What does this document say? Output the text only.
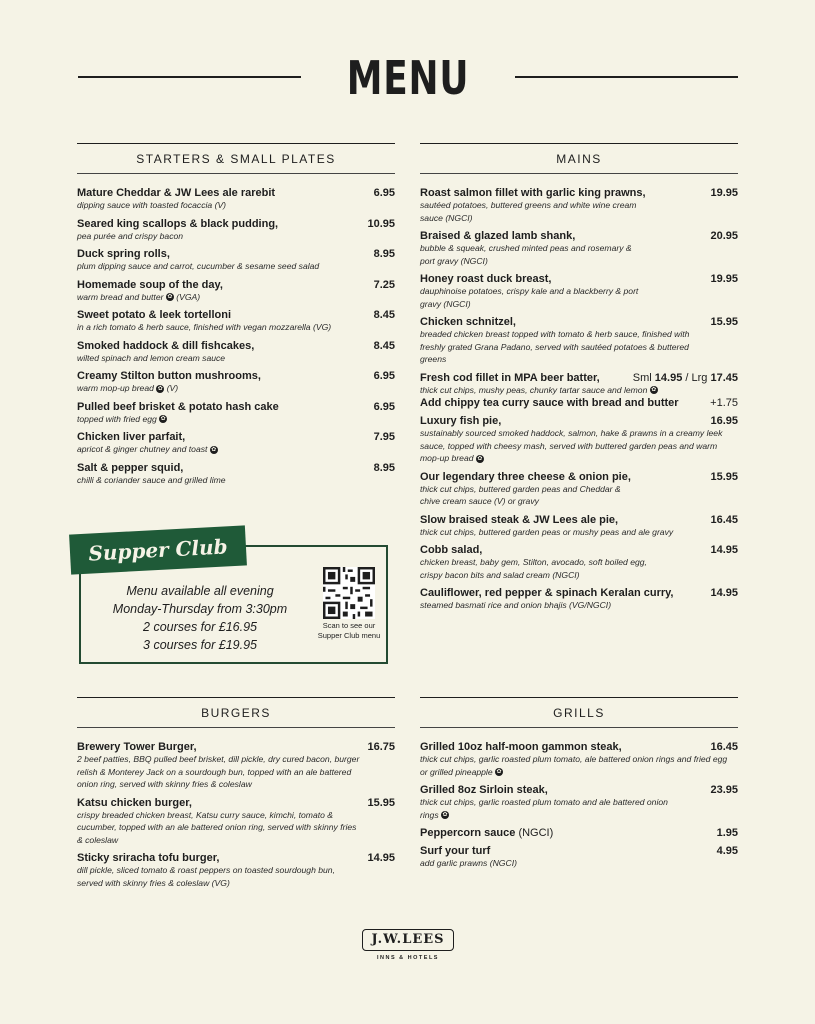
MENU
STARTERS & SMALL PLATES
Mature Cheddar & JW Lees ale rarebit	6.95
dipping sauce with toasted focaccia (V)
Seared king scallops & black pudding,	10.95
pea purée and crispy bacon
Duck spring rolls,	8.95
plum dipping sauce and carrot, cucumber & sesame seed salad
Homemade soup of the day,	7.25
warm bread and butter ✿ (VGA)
Sweet potato & leek tortelloni	8.45
in a rich tomato & herb sauce, finished with vegan mozzarella (VG)
Smoked haddock & dill fishcakes,	8.45
wilted spinach and lemon cream sauce
Creamy Stilton button mushrooms,	6.95
warm mop-up bread ✿ (V)
Pulled beef brisket & potato hash cake	6.95
topped with fried egg ✿
Chicken liver parfait,	7.95
apricot & ginger chutney and toast ✿
Salt & pepper squid,	8.95
chilli & coriander sauce and grilled lime
Supper Club
Menu available all evening
Monday-Thursday from 3:30pm
2 courses for £16.95
3 courses for £19.95
Scan to see our Supper Club menu
MAINS
Roast salmon fillet with garlic king prawns,	19.95
sautéed potatoes, buttered greens and white wine cream sauce (NGCI)
Braised & glazed lamb shank,	20.95
bubble & squeak, crushed minted peas and rosemary & port gravy (NGCI)
Honey roast duck breast,	19.95
dauphinoise potatoes, crispy kale and a blackberry & port gravy (NGCI)
Chicken schnitzel,	15.95
breaded chicken breast topped with tomato & herb sauce, finished with freshly grated Grana Padano, served with sautéed potatoes & buttered greens
Fresh cod fillet in MPA beer batter,	Sml 14.95 / Lrg 17.45
thick cut chips, mushy peas, chunky tartar sauce and lemon ✿
Add chippy tea curry sauce with bread and butter	+1.75
Luxury fish pie,	16.95
sustainably sourced smoked haddock, salmon, hake & prawns in a creamy leek sauce, topped with cheesy mash, served with buttered garden peas and warm mop-up bread ✿
Our legendary three cheese & onion pie,	15.95
thick cut chips, buttered garden peas and Cheddar & chive cream sauce (V) or gravy
Slow braised steak & JW Lees ale pie,	16.45
thick cut chips, buttered garden peas or mushy peas and ale gravy
Cobb salad,	14.95
chicken breast, baby gem, Stilton, avocado, soft boiled egg, crispy bacon bits and salad cream (NGCI)
Cauliflower, red pepper & spinach Keralan curry,	14.95
steamed basmati rice and onion bhajis (VG/NGCI)
BURGERS
Brewery Tower Burger,	16.75
2 beef patties, BBQ pulled beef brisket, dill pickle, dry cured bacon, burger relish & Monterey Jack on a sourdough bun, topped with an ale battered onion ring, served with skinny fries & coleslaw
Katsu chicken burger,	15.95
crispy breaded chicken breast, Katsu curry sauce, kimchi, tomato & cucumber, topped with an ale battered onion ring, served with skinny fries & coleslaw
Sticky sriracha tofu burger,	14.95
dill pickle, sliced tomato & roast peppers on toasted sourdough bun, served with skinny fries & coleslaw (VG)
GRILLS
Grilled 10oz half-moon gammon steak,	16.45
thick cut chips, garlic roasted plum tomato, ale battered onion rings and fried egg or grilled pineapple ✿
Grilled 8oz Sirloin steak,	23.95
thick cut chips, garlic roasted plum tomato and ale battered onion rings ✿
Peppercorn sauce (NGCI)	1.95
Surf your turf	4.95
add garlic prawns (NGCI)
J.W.LEES
INNS & HOTELS
